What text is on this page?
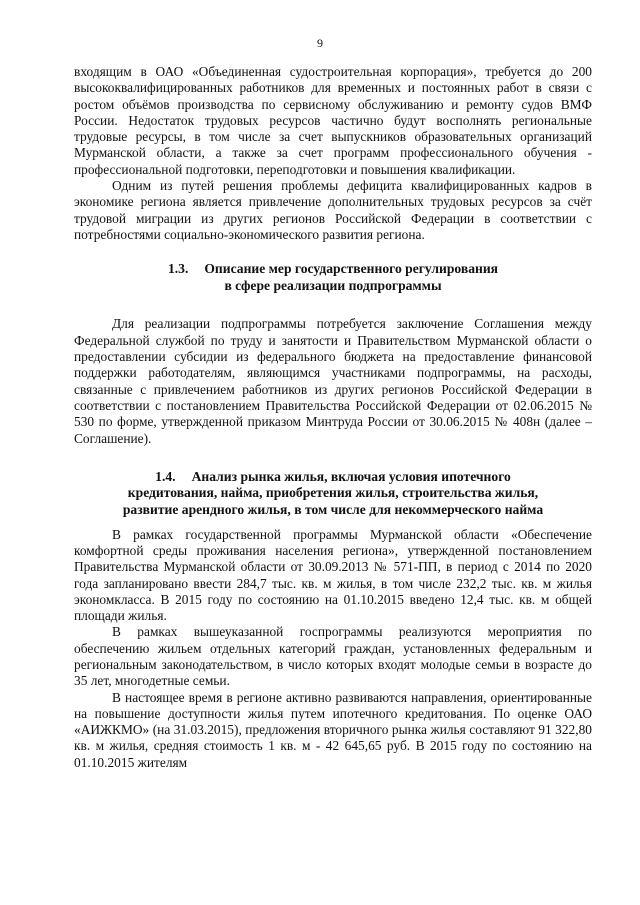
9

входящим в ОАО «Объединенная судостроительная корпорация», требуется до 200 высококвалифицированных работников для временных и постоянных работ в связи с ростом объёмов производства по сервисному обслуживанию и ремонту судов ВМФ России. Недостаток трудовых ресурсов частично будут восполнять региональные трудовые ресурсы, в том числе за счет выпускников образовательных организаций Мурманской области, а также за счет программ профессионального обучения - профессиональной подготовки, переподготовки и повышения квалификации.

Одним из путей решения проблемы дефицита квалифицированных кадров в экономике региона является привлечение дополнительных трудовых ресурсов за счёт трудовой миграции из других регионов Российской Федерации в соответствии с потребностями социально-экономического развития региона.

1.3. Описание мер государственного регулирования
в сфере реализации подпрограммы

Для реализации подпрограммы потребуется заключение Соглашения между Федеральной службой по труду и занятости и Правительством Мурманской области о предоставлении субсидии из федерального бюджета на предоставление финансовой поддержки работодателям, являющимся участниками подпрограммы, на расходы, связанные с привлечением работников из других регионов Российской Федерации в соответствии с постановлением Правительства Российской Федерации от 02.06.2015 № 530 по форме, утвержденной приказом Минтруда России от 30.06.2015 № 408н (далее – Соглашение).

1.4. Анализ рынка жилья, включая условия ипотечного
кредитования, найма, приобретения жилья, строительства жилья,
развитие арендного жилья, в том числе для некоммерческого найма

В рамках государственной программы Мурманской области «Обеспечение комфортной среды проживания населения региона», утвержденной постановлением Правительства Мурманской области от 30.09.2013 № 571-ПП, в период с 2014 по 2020 года запланировано ввести 284,7 тыс. кв. м жилья, в том числе 232,2 тыс. кв. м жилья экономкласса. В 2015 году по состоянию на 01.10.2015 введено 12,4 тыс. кв. м общей площади жилья.

В рамках вышеуказанной госпрограммы реализуются мероприятия по обеспечению жильем отдельных категорий граждан, установленных федеральным и региональным законодательством, в число которых входят молодые семьи в возрасте до 35 лет, многодетные семьи.

В настоящее время в регионе активно развиваются направления, ориентированные на повышение доступности жилья путем ипотечного кредитования. По оценке ОАО «АИЖКМО» (на 31.03.2015), предложения вторичного рынка жилья составляют 91 322,80 кв. м жилья, средняя стоимость 1 кв. м - 42 645,65 руб. В 2015 году по состоянию на 01.10.2015 жителям
